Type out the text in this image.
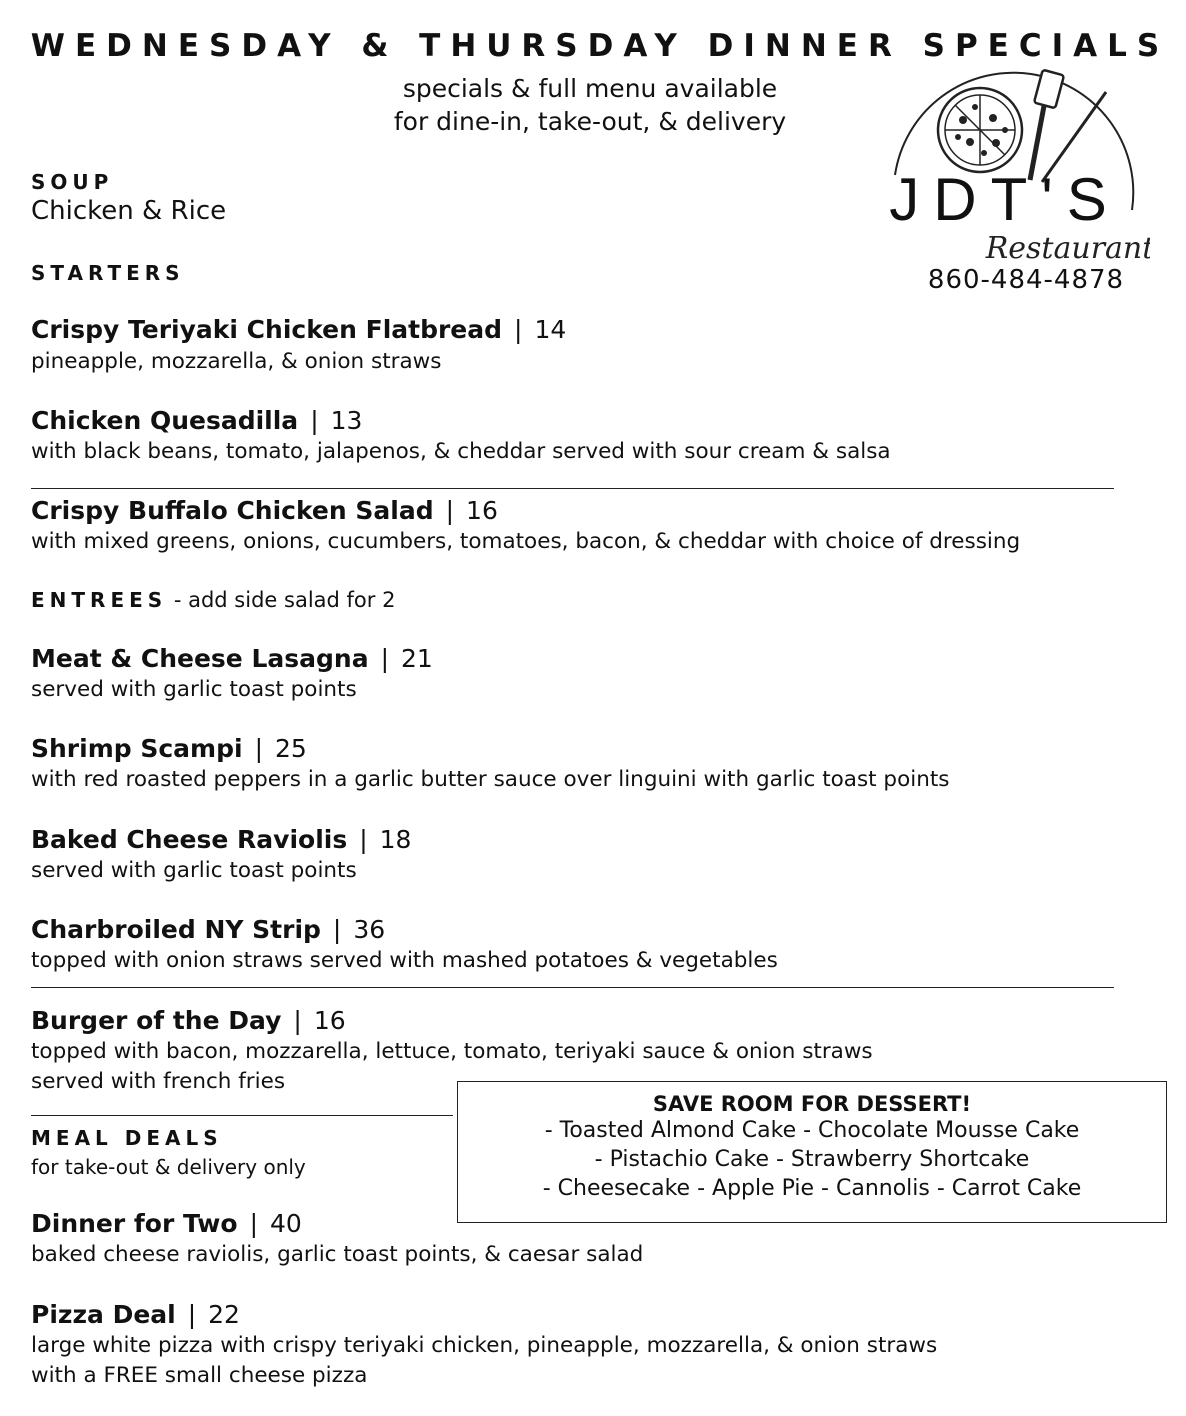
WEDNESDAY & THURSDAY DINNER SPECIALS
specials & full menu available
for dine-in, take-out, & delivery
JDT'S
Restaurant
860-484-4878
SOUP
Chicken & Rice
STARTERS
Crispy Teriyaki Chicken Flatbread | 14
pineapple, mozzarella, & onion straws
Chicken Quesadilla | 13
with black beans, tomato, jalapenos, & cheddar served with sour cream & salsa
Crispy Buffalo Chicken Salad | 16
with mixed greens, onions, cucumbers, tomatoes, bacon, & cheddar with choice of dressing
ENTREES - add side salad for 2
Meat & Cheese Lasagna | 21
served with garlic toast points
Shrimp Scampi | 25
with red roasted peppers in a garlic butter sauce over linguini with garlic toast points
Baked Cheese Raviolis | 18
served with garlic toast points
Charbroiled NY Strip | 36
topped with onion straws served with mashed potatoes & vegetables
Burger of the Day | 16
topped with bacon, mozzarella, lettuce, tomato, teriyaki sauce & onion straws
served with french fries
MEAL DEALS
for take-out & delivery only
Dinner for Two | 40
baked cheese raviolis, garlic toast points, & caesar salad
Pizza Deal | 22
large white pizza with crispy teriyaki chicken, pineapple, mozzarella, & onion straws
with a FREE small cheese pizza
SAVE ROOM FOR DESSERT!
- Toasted Almond Cake - Chocolate Mousse Cake
- Pistachio Cake - Strawberry Shortcake
- Cheesecake - Apple Pie - Cannolis - Carrot Cake
